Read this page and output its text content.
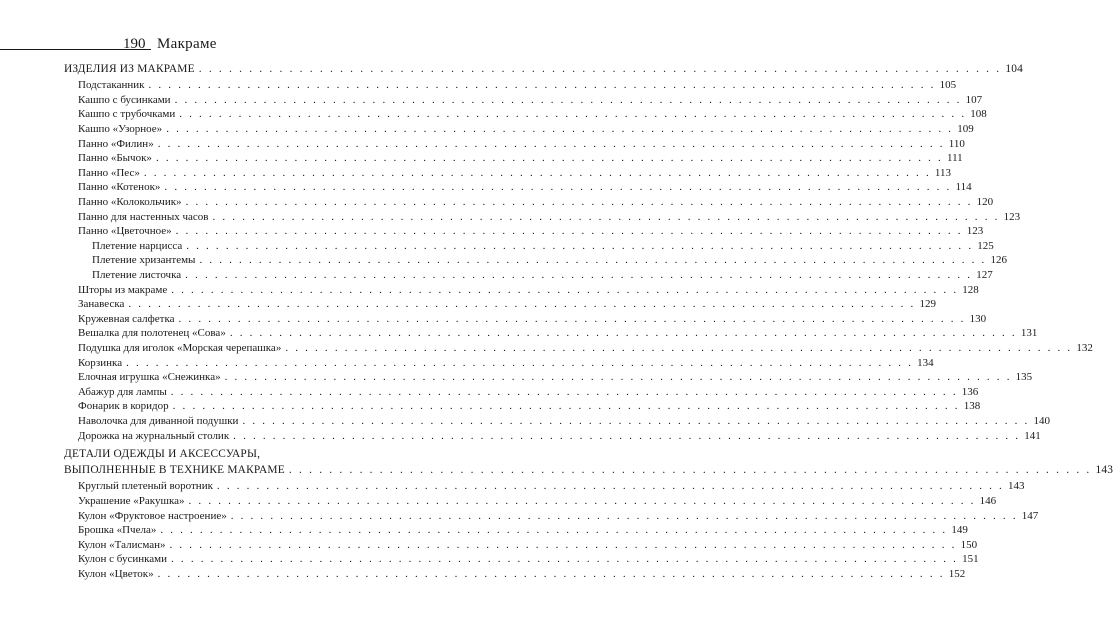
190 Макраме
ИЗДЕЛИЯ ИЗ МАКРАМЕ . . . . . . . . . . . . . . . . . . . . . . . . . . . . . . . . . . . . . . . . . . . . . . . . . . . . . . . . . . . . . . . . . . . . . . . . . . . . . . . . 104
Подстаканник . . . . . . . . . . . . . . . . . . . . . . . . . . . . . . . . . . . . . . . . . . . . . . . . . . . . . . . . . . . . . . . . . . . . . . . . . . . . . . . . 105
Кашпо с бусинками . . . . . . . . . . . . . . . . . . . . . . . . . . . . . . . . . . . . . . . . . . . . . . . . . . . . . . . . . . . . . . . . . . . . . . . . . . . . . . . . 107
Кашпо с трубочками . . . . . . . . . . . . . . . . . . . . . . . . . . . . . . . . . . . . . . . . . . . . . . . . . . . . . . . . . . . . . . . . . . . . . . . . . . . . . . . . 108
Кашпо «Узорное» . . . . . . . . . . . . . . . . . . . . . . . . . . . . . . . . . . . . . . . . . . . . . . . . . . . . . . . . . . . . . . . . . . . . . . . . . . . . . . . . 109
Панно «Филин» . . . . . . . . . . . . . . . . . . . . . . . . . . . . . . . . . . . . . . . . . . . . . . . . . . . . . . . . . . . . . . . . . . . . . . . . . . . . . . . . 110
Панно «Бычок» . . . . . . . . . . . . . . . . . . . . . . . . . . . . . . . . . . . . . . . . . . . . . . . . . . . . . . . . . . . . . . . . . . . . . . . . . . . . . . . . 111
Панно «Пес» . . . . . . . . . . . . . . . . . . . . . . . . . . . . . . . . . . . . . . . . . . . . . . . . . . . . . . . . . . . . . . . . . . . . . . . . . . . . . . . . 113
Панно «Котенок» . . . . . . . . . . . . . . . . . . . . . . . . . . . . . . . . . . . . . . . . . . . . . . . . . . . . . . . . . . . . . . . . . . . . . . . . . . . . . . . . 114
Панно «Колокольчик» . . . . . . . . . . . . . . . . . . . . . . . . . . . . . . . . . . . . . . . . . . . . . . . . . . . . . . . . . . . . . . . . . . . . . . . . . . . . . . . . 120
Панно для настенных часов . . . . . . . . . . . . . . . . . . . . . . . . . . . . . . . . . . . . . . . . . . . . . . . . . . . . . . . . . . . . . . . . . . . . . . . . . . . . . . . . 123
Панно «Цветочное» . . . . . . . . . . . . . . . . . . . . . . . . . . . . . . . . . . . . . . . . . . . . . . . . . . . . . . . . . . . . . . . . . . . . . . . . . . . . . . . . 123
Плетение нарцисса . . . . . . . . . . . . . . . . . . . . . . . . . . . . . . . . . . . . . . . . . . . . . . . . . . . . . . . . . . . . . . . . . . . . . . . . . . . . . . . . 125
Плетение хризантемы . . . . . . . . . . . . . . . . . . . . . . . . . . . . . . . . . . . . . . . . . . . . . . . . . . . . . . . . . . . . . . . . . . . . . . . . . . . . . . . . 126
Плетение листочка . . . . . . . . . . . . . . . . . . . . . . . . . . . . . . . . . . . . . . . . . . . . . . . . . . . . . . . . . . . . . . . . . . . . . . . . . . . . . . . . 127
Шторы из макраме . . . . . . . . . . . . . . . . . . . . . . . . . . . . . . . . . . . . . . . . . . . . . . . . . . . . . . . . . . . . . . . . . . . . . . . . . . . . . . . . 128
Занавеска . . . . . . . . . . . . . . . . . . . . . . . . . . . . . . . . . . . . . . . . . . . . . . . . . . . . . . . . . . . . . . . . . . . . . . . . . . . . . . . . 129
Кружевная салфетка . . . . . . . . . . . . . . . . . . . . . . . . . . . . . . . . . . . . . . . . . . . . . . . . . . . . . . . . . . . . . . . . . . . . . . . . . . . . . . . . 130
Вешалка для полотенец «Сова» . . . . . . . . . . . . . . . . . . . . . . . . . . . . . . . . . . . . . . . . . . . . . . . . . . . . . . . . . . . . . . . . . . . . . . . . . . . . . . . . 131
Подушка для иголок «Морская черепашка» . . . . . . . . . . . . . . . . . . . . . . . . . . . . . . . . . . . . . . . . . . . . . . . . . . . . . . . . . . . . . . . . . . . . . . . . . . . . . . . . 132
Корзинка . . . . . . . . . . . . . . . . . . . . . . . . . . . . . . . . . . . . . . . . . . . . . . . . . . . . . . . . . . . . . . . . . . . . . . . . . . . . . . . . 134
Елочная игрушка «Снежинка» . . . . . . . . . . . . . . . . . . . . . . . . . . . . . . . . . . . . . . . . . . . . . . . . . . . . . . . . . . . . . . . . . . . . . . . . . . . . . . . . 135
Абажур для лампы . . . . . . . . . . . . . . . . . . . . . . . . . . . . . . . . . . . . . . . . . . . . . . . . . . . . . . . . . . . . . . . . . . . . . . . . . . . . . . . . 136
Фонарик в коридор . . . . . . . . . . . . . . . . . . . . . . . . . . . . . . . . . . . . . . . . . . . . . . . . . . . . . . . . . . . . . . . . . . . . . . . . . . . . . . . . 138
Наволочка для диванной подушки . . . . . . . . . . . . . . . . . . . . . . . . . . . . . . . . . . . . . . . . . . . . . . . . . . . . . . . . . . . . . . . . . . . . . . . . . . . . . . . . 140
Дорожка на журнальный столик . . . . . . . . . . . . . . . . . . . . . . . . . . . . . . . . . . . . . . . . . . . . . . . . . . . . . . . . . . . . . . . . . . . . . . . . . . . . . . . . 141
ДЕТАЛИ ОДЕЖДЫ И АКСЕССУАРЫ,
ВЫПОЛНЕННЫЕ В ТЕХНИКЕ МАКРАМЕ . . . . . . . . . . . . . . . . . . . . . . . . . . . . . . . . . . . . . . . . . . . . . . . . . . . . . . . . . . . . . . . . . . . . . . . . . . . . . . . . 143
Круглый плетеный воротник . . . . . . . . . . . . . . . . . . . . . . . . . . . . . . . . . . . . . . . . . . . . . . . . . . . . . . . . . . . . . . . . . . . . . . . . . . . . . . . . 143
Украшение «Ракушка» . . . . . . . . . . . . . . . . . . . . . . . . . . . . . . . . . . . . . . . . . . . . . . . . . . . . . . . . . . . . . . . . . . . . . . . . . . . . . . . . 146
Кулон «Фруктовое настроение» . . . . . . . . . . . . . . . . . . . . . . . . . . . . . . . . . . . . . . . . . . . . . . . . . . . . . . . . . . . . . . . . . . . . . . . . . . . . . . . . 147
Брошка «Пчела» . . . . . . . . . . . . . . . . . . . . . . . . . . . . . . . . . . . . . . . . . . . . . . . . . . . . . . . . . . . . . . . . . . . . . . . . . . . . . . . . 149
Кулон «Талисман» . . . . . . . . . . . . . . . . . . . . . . . . . . . . . . . . . . . . . . . . . . . . . . . . . . . . . . . . . . . . . . . . . . . . . . . . . . . . . . . . 150
Кулон с бусинками . . . . . . . . . . . . . . . . . . . . . . . . . . . . . . . . . . . . . . . . . . . . . . . . . . . . . . . . . . . . . . . . . . . . . . . . . . . . . . . . 151
Кулон «Цветок» . . . . . . . . . . . . . . . . . . . . . . . . . . . . . . . . . . . . . . . . . . . . . . . . . . . . . . . . . . . . . . . . . . . . . . . . . . . . . . . . 152
